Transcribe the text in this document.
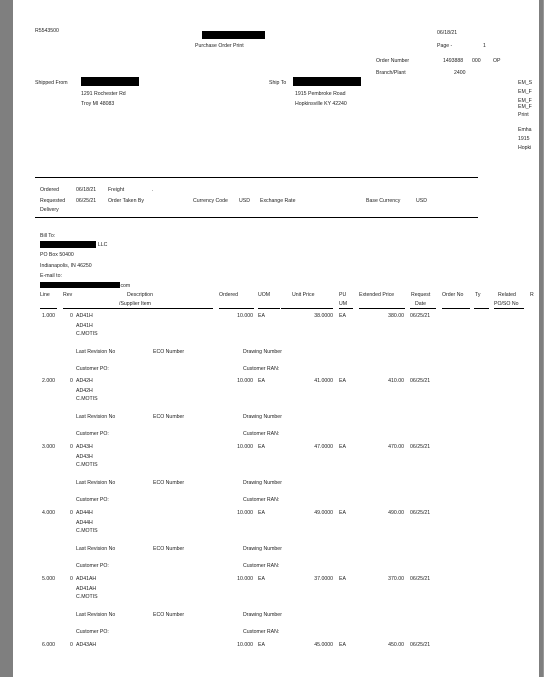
R5543500
Purchase Order Print
06/18/21
Page -	1
Order Number	1493888 000 OP
Branch/Plant	2400
Shipped From
1291 Rochester Rd
Troy MI 48083
Ship To
1915 Pembroke Road
Hopkinsville KY 42240
EM_S
EM_F
EM_F
EM_F
Print
Emha
1915
Hopki
Ordered	06/18/21 Freight	.
Requested 06/25/21 Order Taken By	Currency Code USD Exchange Rate	Base Currency	USD
Delivery
Bill To:
: LLC
PO Box 50400
Indianapolis, IN 46250
E-mail to:
.com
Line	Rev	Description
/Supplier Item
Ordered	UOM	Unit Price	PU
UM
Extended Price	Request
Date
Order No Ty	Related
PO/SO No
R
1.000	0 AD41H	10.000 EA	38.0000 EA	380.00 06/25/21
AD41H
C.MOTIS
Last Revision No	ECO Number	Drawing Number
Customer PO:	Customer RAN:
2.000	0 AD42H	10.000 EA	41.0000 EA	410.00 06/25/21
AD42H
C.MOTIS
Last Revision No	ECO Number	Drawing Number
Customer PO:	Customer RAN:
3.000	0 AD43H	10.000 EA	47.0000 EA	470.00 06/25/21
AD43H
C.MOTIS
Last Revision No	ECO Number	Drawing Number
Customer PO:	Customer RAN:
4.000	0 AD44H	10.000 EA	49.0000 EA	490.00 06/25/21
AD44H
C.MOTIS
Last Revision No	ECO Number	Drawing Number
Customer PO:	Customer RAN:
5.000	0 AD41AH	10.000 EA	37.0000 EA	370.00 06/25/21
AD41AH
C.MOTIS
Last Revision No	ECO Number	Drawing Number
Customer PO:	Customer RAN:
6.000	0 AD43AH	10.000 EA	45.0000 EA	450.00 06/25/21
